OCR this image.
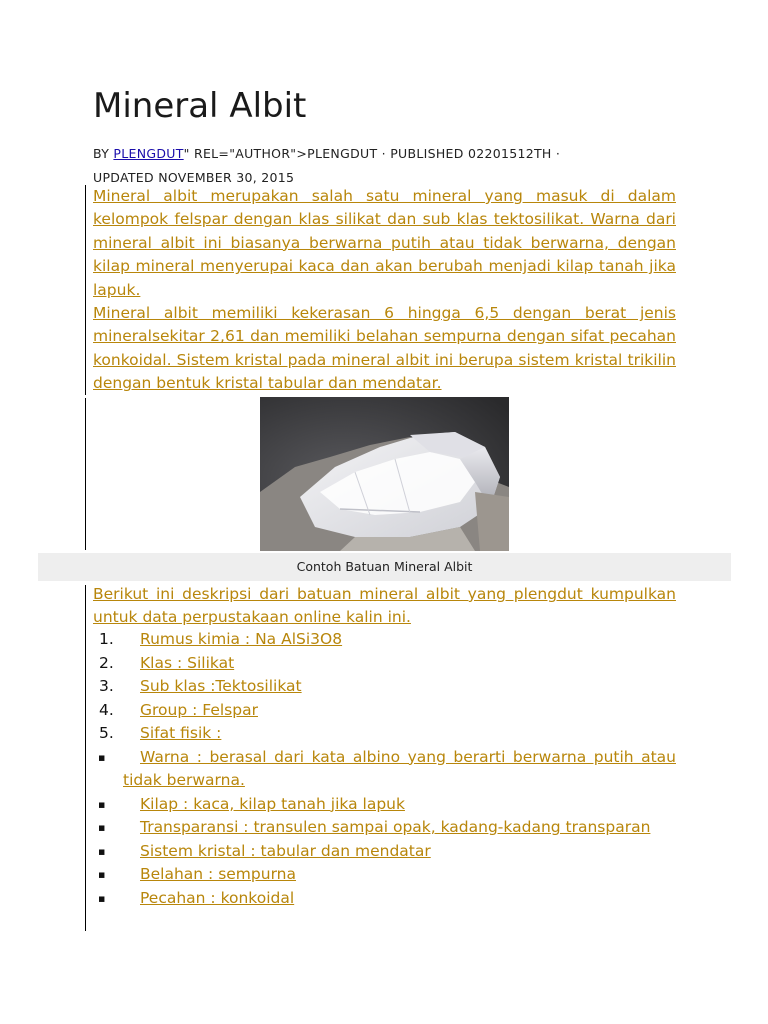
Mineral Albit
BY PLENGDUT" REL="AUTHOR">PLENGDUT · PUBLISHED 02201512TH ·
UPDATED NOVEMBER 30, 2015

Mineral albit merupakan salah satu mineral yang masuk di dalam kelompok felspar dengan klas silikat dan sub klas tektosilikat. Warna dari mineral albit ini biasanya berwarna putih atau tidak berwarna, dengan kilap mineral menyerupai kaca dan akan berubah menjadi kilap tanah jika lapuk.

Mineral albit memiliki kekerasan 6 hingga 6,5 dengan berat jenis mineralsekitar 2,61 dan memiliki belahan sempurna dengan sifat pecahan konkoidal. Sistem kristal pada mineral albit ini berupa sistem kristal trikilin dengan bentuk kristal tabular dan mendatar.

Contoh Batuan Mineral Albit

Berikut ini deskripsi dari batuan mineral albit yang plengdut kumpulkan untuk data perpustakaan online kalin ini.

1. Rumus kimia : Na AlSi3O8
2. Klas : Silikat
3. Sub klas :Tektosilikat
4. Group : Felspar
5. Sifat fisik :
▪	Warna : berasal dari kata albino yang berarti berwarna putih atau tidak berwarna.
▪	Kilap : kaca, kilap tanah jika lapuk
▪	Transparansi : transulen sampai opak, kadang-kadang transparan
▪	Sistem kristal : tabular dan mendatar
▪	Belahan : sempurna
▪	Pecahan : konkoidal
